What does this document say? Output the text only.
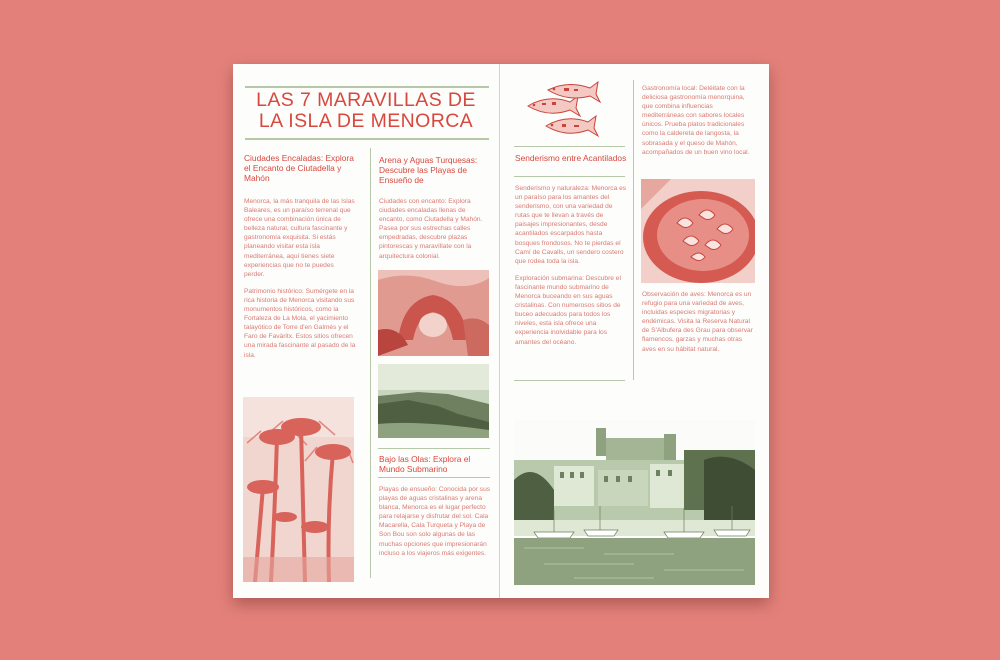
LAS 7 MARAVILLAS DE
LA ISLA DE MENORCA
Ciudades Encaladas: Explora el Encanto de Ciutadella y Mahón

Menorca, la más tranquila de las Islas Baleares, es un paraíso terrenal que ofrece una combinación única de belleza natural, cultura fascinante y gastronomía exquisita. Si estás planeando visitar esta isla mediterránea, aquí tienes siete experiencias que no te puedes perder.

Patrimonio histórico: Sumérgete en la rica historia de Menorca visitando sus monumentos históricos, como la Fortaleza de La Mola, el yacimiento talayótico de Torre d'en Galmés y el Faro de Favàritx. Estos sitios ofrecen una mirada fascinante al pasado de la isla.

Arena y Aguas Turquesas: Descubre las Playas de Ensueño de

Ciudades con encanto: Explora ciudades encaladas llenas de encanto, como Ciutadella y Mahón. Pasea por sus estrechas calles empedradas, descubre plazas pintorescas y maravíllate con la arquitectura colonial.

Bajo las Olas: Explora el Mundo Submarino

Playas de ensueño: Conocida por sus playas de aguas cristalinas y arena blanca, Menorca es el lugar perfecto para relajarse y disfrutar del sol. Cala Macarella, Cala Turqueta y Playa de Son Bou son solo algunas de las muchas opciones que impresionarán incluso a los viajeros más exigentes.

Senderismo entre Acantilados

Senderismo y naturaleza: Menorca es un paraíso para los amantes del senderismo, con una variedad de rutas que te llevan a través de paisajes impresionantes, desde acantilados escarpados hasta bosques frondosos. No te pierdas el Camí de Cavalls, un sendero costero que rodea toda la isla.

Exploración submarina: Descubre el fascinante mundo submarino de Menorca buceando en sus aguas cristalinas. Con numerosos sitios de buceo adecuados para todos los niveles, esta isla ofrece una experiencia inolvidable para los amantes del océano.

Gastronomía local: Deléitate con la deliciosa gastronomía menorquina, que combina influencias mediterráneas con sabores locales únicos. Prueba platos tradicionales como la caldereta de langosta, la sobrasada y el queso de Mahón, acompañados de un buen vino local.

Observación de aves: Menorca es un refugio para una variedad de aves, incluidas especies migratorias y endémicas. Visita la Reserva Natural de S'Albufera des Grau para observar flamencos, garzas y muchas otras aves en su hábitat natural.
